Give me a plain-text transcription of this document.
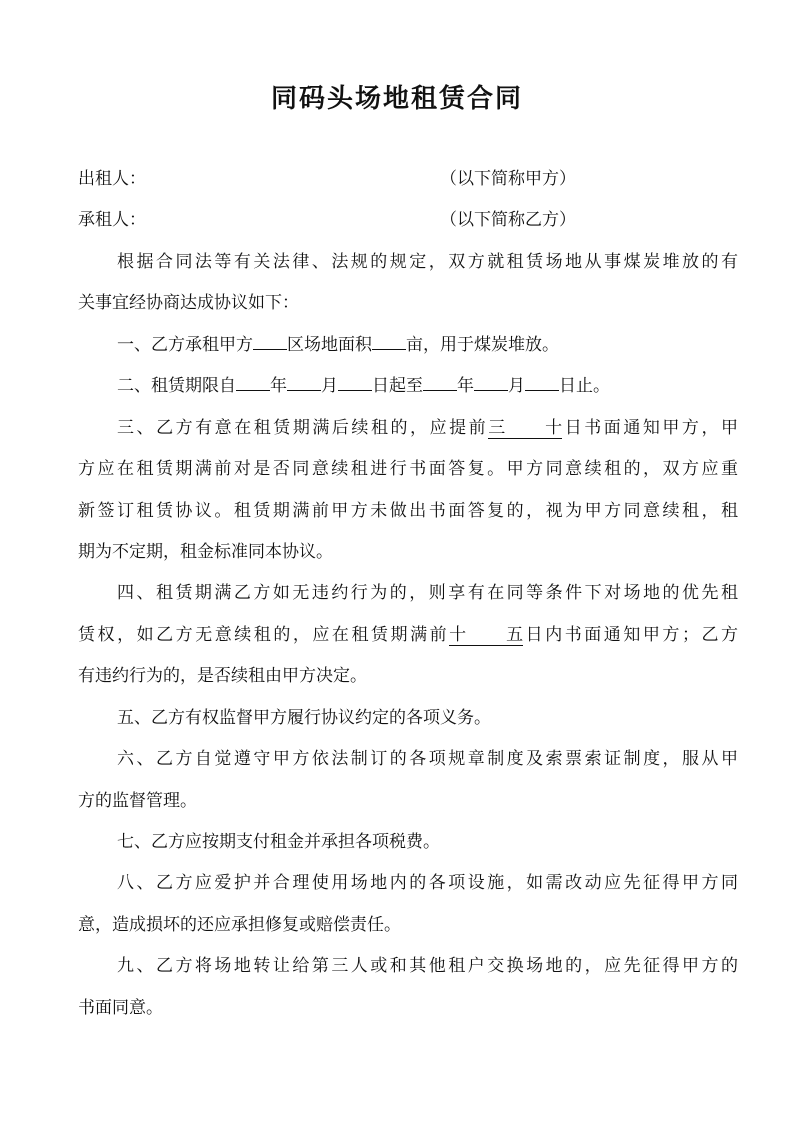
同码头场地租赁合同
出租人：	（以下简称甲方）
承租人：	（以下简称乙方）
根据合同法等有关法律、法规的规定，双方就租赁场地从事煤炭堆放的有
关事宜经协商达成协议如下：
一、乙方承租甲方 区场地面积 亩，用于煤炭堆放。
二、租赁期限自 年 月 日起至 年 月 日止。
三、乙方有意在租赁期满后续租的，应提前三十日书面通知甲方，甲
方应在租赁期满前对是否同意续租进行书面答复。甲方同意续租的，双方应重
新签订租赁协议。租赁期满前甲方未做出书面答复的，视为甲方同意续租，租
期为不定期，租金标准同本协议。
四、租赁期满乙方如无违约行为的，则享有在同等条件下对场地的优先租
赁权，如乙方无意续租的，应在租赁期满前十五日内书面通知甲方；乙方
有违约行为的，是否续租由甲方决定。
五、乙方有权监督甲方履行协议约定的各项义务。
六、乙方自觉遵守甲方依法制订的各项规章制度及索票索证制度，服从甲
方的监督管理。
七、乙方应按期支付租金并承担各项税费。
八、乙方应爱护并合理使用场地内的各项设施，如需改动应先征得甲方同
意，造成损坏的还应承担修复或赔偿责任。
九、乙方将场地转让给第三人或和其他租户交换场地的，应先征得甲方的
书面同意。
